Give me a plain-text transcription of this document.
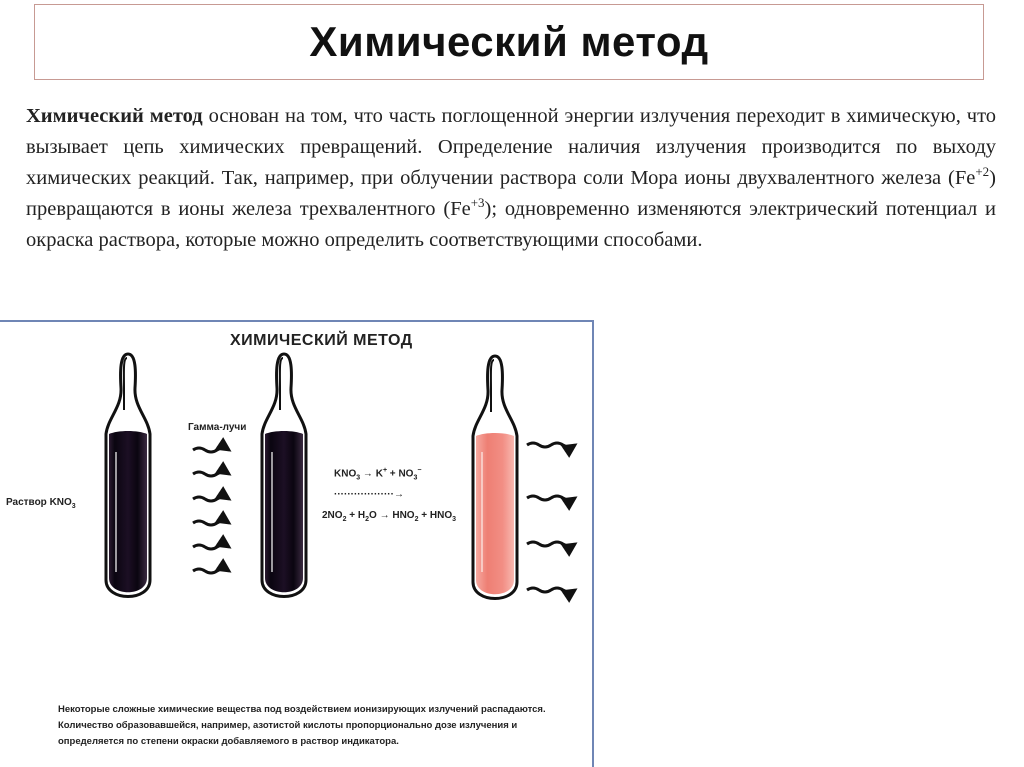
Химический метод

Химический метод основан на том, что часть поглощенной энергии излучения переходит в химическую, что вызывает цепь химических превращений. Определение наличия излучения производится по выходу химических реакций. Так, например, при облучении раствора соли Мора ионы двухвалентного железа $(Fe^{+2})$ превращаются в ионы железа трехвалентного $(Fe^{+3})$; одновременно изменяются электрический потенциал и окраска раствора, которые можно определить соответствующими способами.

ХИМИЧЕСКИЙ МЕТОД
Гамма-лучи
Раствор $KNO_3$
$KNO_3 \to K^+ + NO_3^-$
··················→
$2NO_2 + H_2O \to HNO_2 + HNO_3$

Некоторые сложные химические вещества под воздействием ионизирующих излучений распадаются.

Количество образовавшейся, например, азотистой кислоты пропорционально дозе излучения и определяется по степени окраски добавляемого в раствор индикатора.
